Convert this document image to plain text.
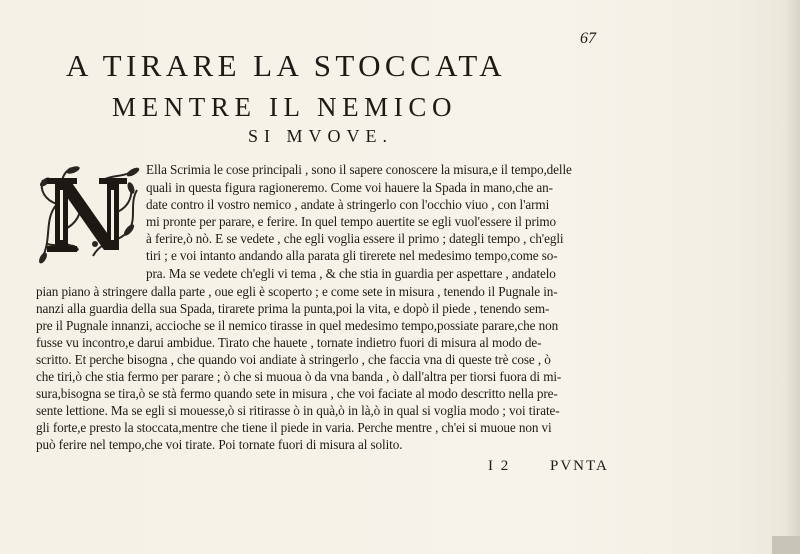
67
A TIRARE LA STOCCATA
MENTRE IL NEMICO
SI MVOVE.
Ella Scrimia le cose principali , sono il sapere conoscere la misura,e il tempo,delle
quali in questa figura ragioneremo. Come voi hauere la Spada in mano,che an-
date contro il vostro nemico , andate à stringerlo con l'occhio viuo , con l'armi
mi pronte per parare, e ferire. In quel tempo auertite se egli vuol'essere il primo
à ferire,ò nò. E se vedete , che egli voglia essere il primo ; dategli tempo , ch'egli
tiri ; e voi intanto andando alla parata gli tirerete nel medesimo tempo,come so-
pra. Ma se vedete ch'egli vi tema , & che stia in guardia per aspettare , andatelo
pian piano à stringere dalla parte , oue egli è scoperto ; e come sete in misura , tenendo il Pugnale in-
nanzi alla guardia della sua Spada, tirarete prima la punta,poi la vita, e dopò il piede , tenendo sem-
pre il Pugnale innanzi, accioche se il nemico tirasse in quel medesimo tempo,possiate parare,che non
fusse vu incontro,e darui ambidue. Tirato che hauete , tornate indietro fuori di misura al modo de-
scritto. Et perche bisogna , che quando voi andiate à stringerlo , che faccia vna di queste trè cose , ò
che tiri,ò che stia fermo per parare ; ò che si muoua ò da vna banda , ò dall'altra per tiorsi fuora di mi-
sura,bisogna se tira,ò se stà fermo quando sete in misura , che voi faciate al modo descritto nella pre-
sente lettione. Ma se egli si mouesse,ò si ritirasse ò in quà,ò in là,ò in qual si voglia modo ; voi tirate-
gli forte,e presto la stoccata,mentre che tiene il piede in varia. Perche mentre , ch'ei si muoue non vi
può ferire nel tempo,che voi tirate. Poi tornate fuori di misura al solito.
I 2	PVNTA
